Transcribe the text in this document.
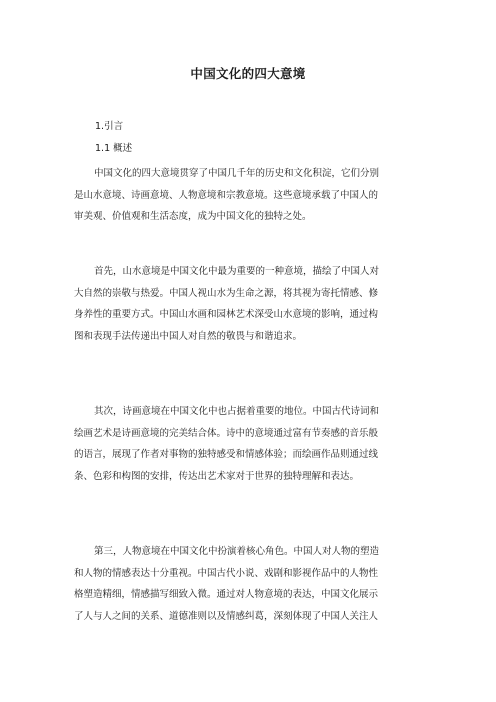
中国文化的四大意境
1.引言
1.1 概述
中国文化的四大意境贯穿了中国几千年的历史和文化积淀，它们分别
是山水意境、诗画意境、人物意境和宗教意境。这些意境承载了中国人的
审美观、价值观和生活态度，成为中国文化的独特之处。
首先，山水意境是中国文化中最为重要的一种意境，描绘了中国人对
大自然的崇敬与热爱。中国人视山水为生命之源，将其视为寄托情感、修
身养性的重要方式。中国山水画和园林艺术深受山水意境的影响，通过构
图和表现手法传递出中国人对自然的敬畏与和谐追求。
其次，诗画意境在中国文化中也占据着重要的地位。中国古代诗词和
绘画艺术是诗画意境的完美结合体。诗中的意境通过富有节奏感的音乐般
的语言，展现了作者对事物的独特感受和情感体验；而绘画作品则通过线
条、色彩和构图的安排，传达出艺术家对于世界的独特理解和表达。
第三，人物意境在中国文化中扮演着核心角色。中国人对人物的塑造
和人物的情感表达十分重视。中国古代小说、戏剧和影视作品中的人物性
格塑造精细，情感描写细致入微。通过对人物意境的表达，中国文化展示
了人与人之间的关系、道德准则以及情感纠葛，深刻体现了中国人关注人
